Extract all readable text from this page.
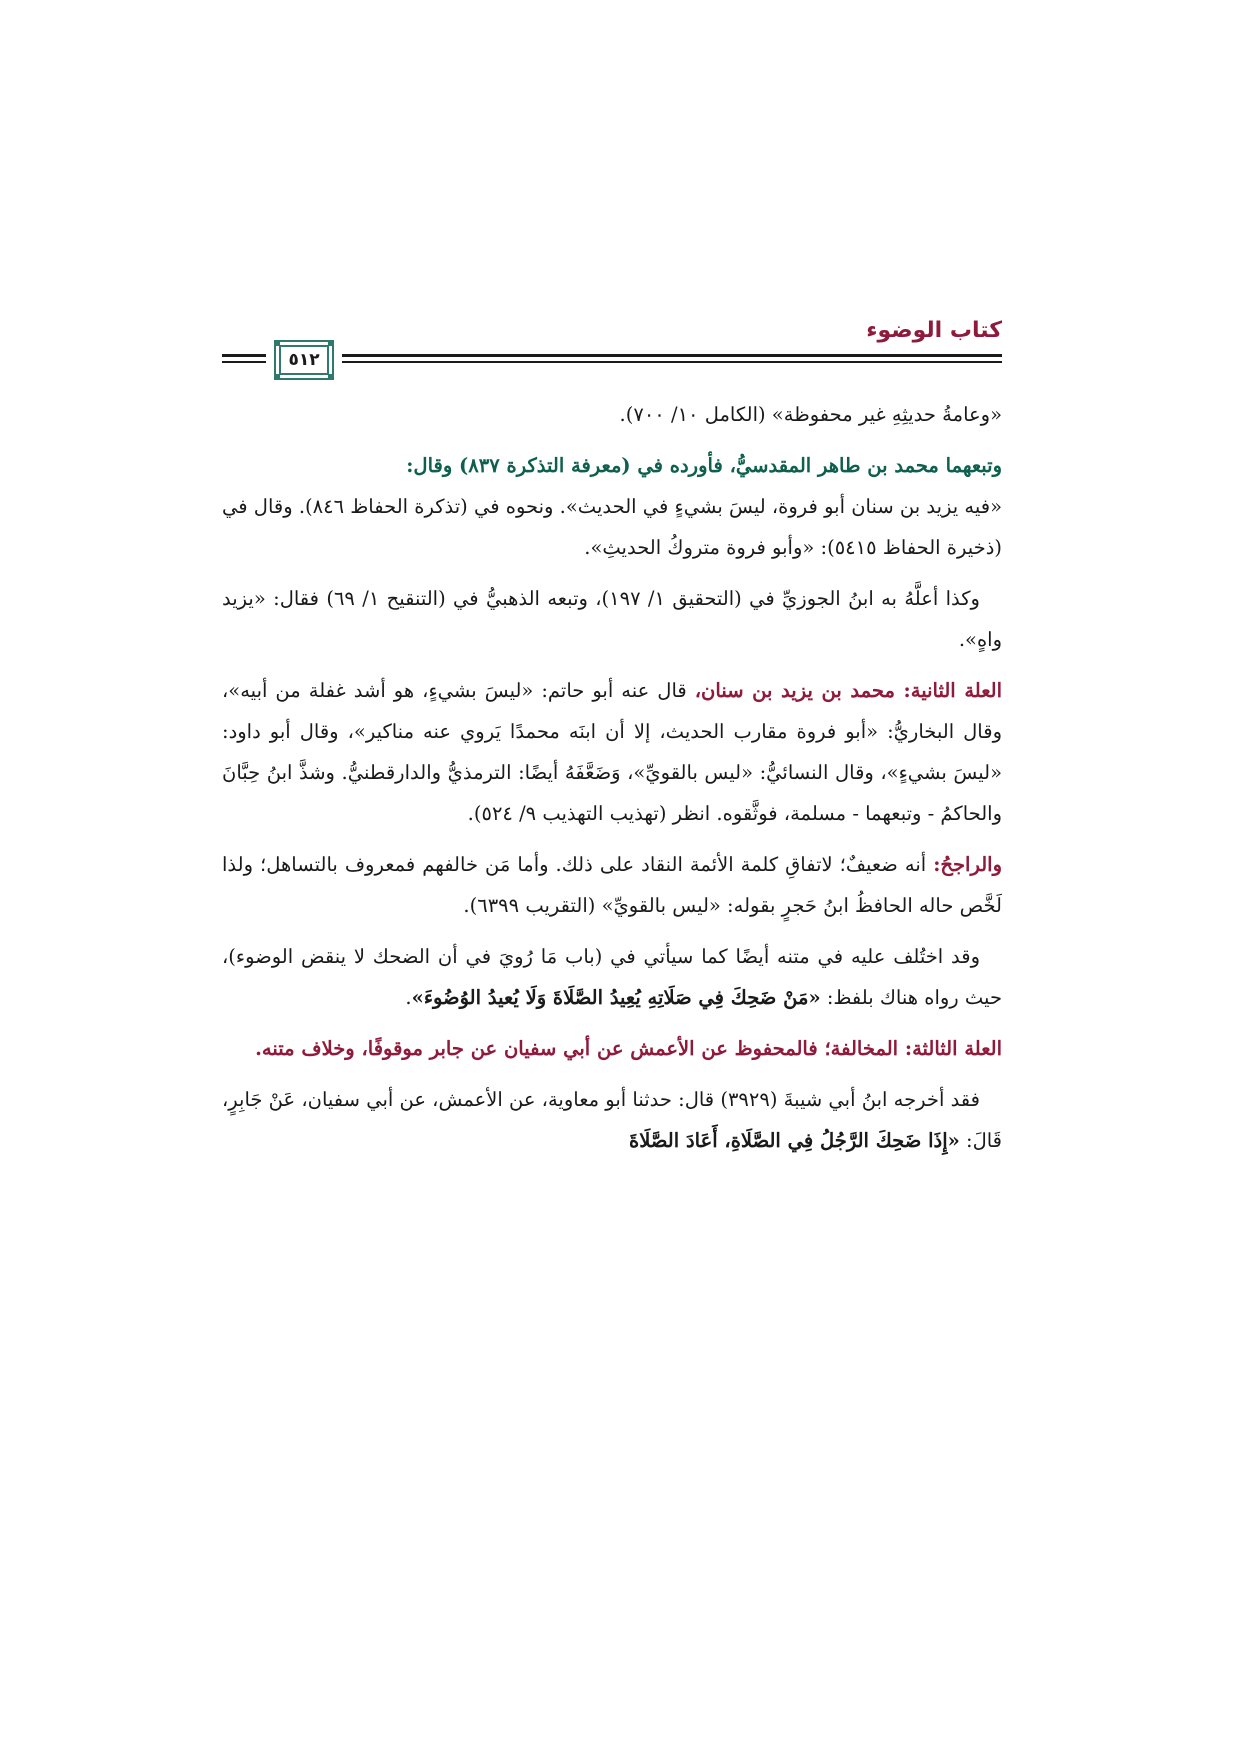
كتاب الوضوء
٥١٢

«وعامةُ حديثِهِ غير محفوظة» (الكامل ١٠/ ٧٠٠).

وتبعهما محمد بن طاهر المقدسيُّ، فأورده في (معرفة التذكرة ٨٣٧) وقال:

«فيه يزيد بن سنان أبو فروة، ليسَ بشيءٍ في الحديث». ونحوه في (تذكرة الحفاظ ٨٤٦). وقال في (ذخيرة الحفاظ ٥٤١٥): «وأبو فروة متروكُ الحديثِ».

وكذا أعلَّهُ به ابنُ الجوزيِّ في (التحقيق ١/ ١٩٧)، وتبعه الذهبيُّ في (التنقيح ١/ ٦٩) فقال: «يزيد واهٍ».

العلة الثانية: محمد بن يزيد بن سنان، قال عنه أبو حاتم: «ليسَ بشيءٍ، هو أشد غفلة من أبيه»، وقال البخاريُّ: «أبو فروة مقارب الحديث، إلا أن ابنَه محمدًا يَروي عنه مناكير»، وقال أبو داود: «ليسَ بشيءٍ»، وقال النسائيُّ: «ليس بالقويِّ»، وَضَعَّفَهُ أيضًا: الترمذيُّ والدارقطنيُّ. وشذَّ ابنُ حِبَّانَ والحاكمُ - وتبعهما - مسلمة، فوثَّقوه. انظر (تهذيب التهذيب ٩/ ٥٢٤).

والراجحُ: أنه ضعيفٌ؛ لاتفاقِ كلمة الأئمة النقاد على ذلك. وأما مَن خالفهم فمعروف بالتساهل؛ ولذا لَخَّص حاله الحافظُ ابنُ حَجرٍ بقوله: «ليس بالقويِّ» (التقريب ٦٣٩٩).

وقد اختُلف عليه في متنه أيضًا كما سيأتي في (باب مَا رُويَ في أن الضحك لا ينقض الوضوء)، حيث رواه هناك بلفظ: «مَنْ ضَحِكَ فِي صَلَاتِهِ يُعِيدُ الصَّلَاةَ وَلَا يُعيدُ الوُضُوءَ».

العلة الثالثة: المخالفة؛ فالمحفوظ عن الأعمش عن أبي سفيان عن جابر موقوفًا، وخلاف متنه.

فقد أخرجه ابنُ أبي شيبةَ (٣٩٢٩) قال: حدثنا أبو معاوية، عن الأعمش، عن أبي سفيان، عَنْ جَابِرٍ، قَالَ: «إِذَا ضَحِكَ الرَّجُلُ فِي الصَّلَاةِ، أَعَادَ الصَّلَاةَ
